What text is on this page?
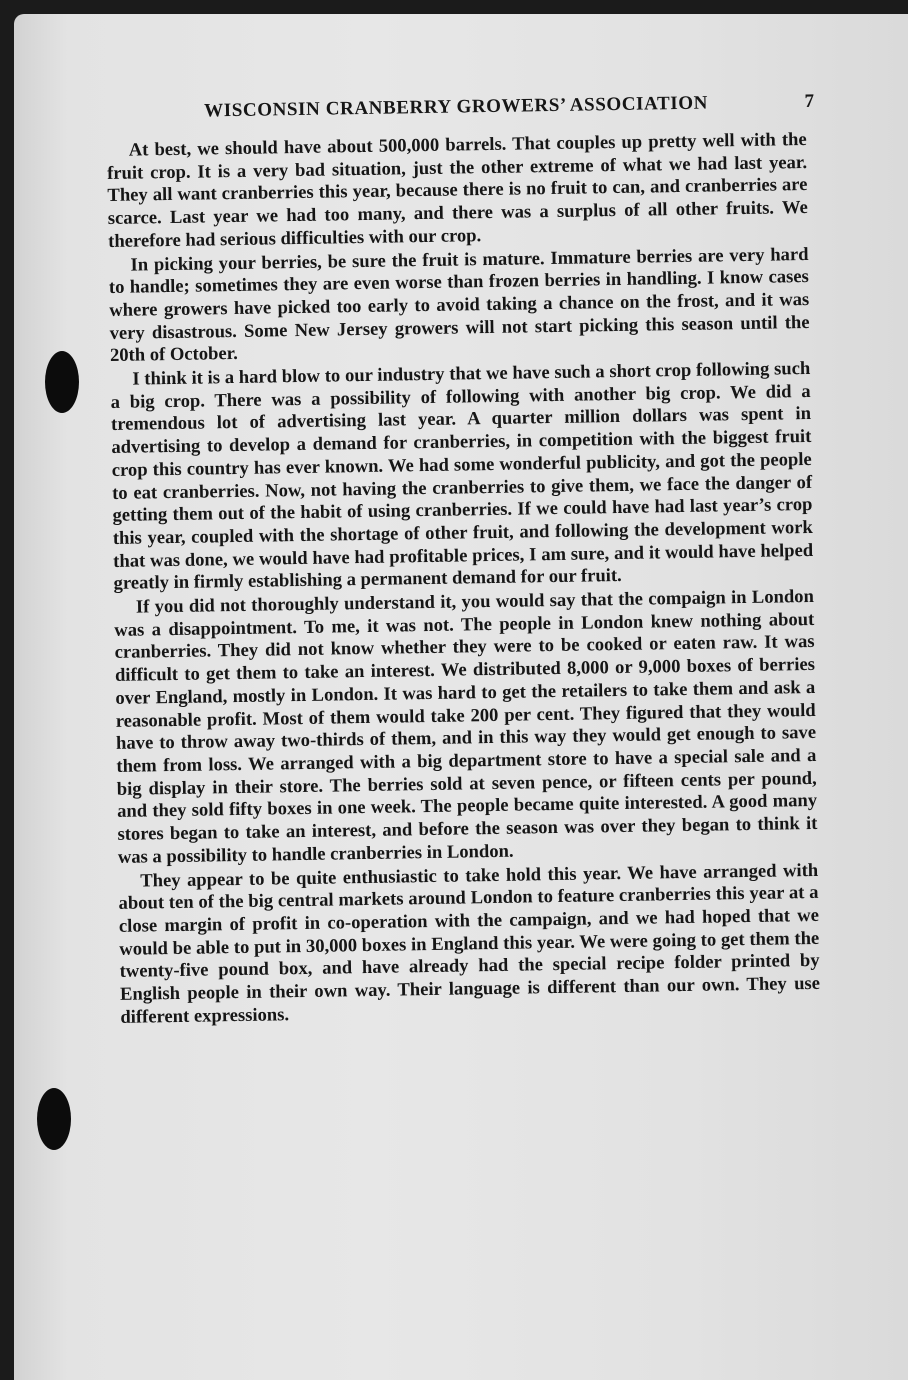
WISCONSIN CRANBERRY GROWERS’ ASSOCIATION	7

At best, we should have about 500,000 barrels. That couples up pretty well with the fruit crop. It is a very bad situation, just the other extreme of what we had last year. They all want cranberries this year, because there is no fruit to can, and cranberries are scarce. Last year we had too many, and there was a surplus of all other fruits. We therefore had serious difficulties with our crop.

In picking your berries, be sure the fruit is mature. Immature berries are very hard to handle; sometimes they are even worse than frozen berries in handling. I know cases where growers have picked too early to avoid taking a chance on the frost, and it was very disastrous. Some New Jersey growers will not start picking this season until the 20th of October.

I think it is a hard blow to our industry that we have such a short crop following such a big crop. There was a possibility of following with another big crop. We did a tremendous lot of advertising last year. A quarter million dollars was spent in advertising to develop a demand for cranberries, in competition with the biggest fruit crop this country has ever known. We had some wonderful publicity, and got the people to eat cranberries. Now, not having the cranberries to give them, we face the danger of getting them out of the habit of using cranberries. If we could have had last year’s crop this year, coupled with the shortage of other fruit, and following the development work that was done, we would have had profitable prices, I am sure, and it would have helped greatly in firmly establishing a permanent demand for our fruit.

If you did not thoroughly understand it, you would say that the compaign in London was a disappointment. To me, it was not. The people in London knew nothing about cranberries. They did not know whether they were to be cooked or eaten raw. It was difficult to get them to take an interest. We distributed 8,000 or 9,000 boxes of berries over England, mostly in London. It was hard to get the retailers to take them and ask a reasonable profit. Most of them would take 200 per cent. They figured that they would have to throw away two-thirds of them, and in this way they would get enough to save them from loss. We arranged with a big department store to have a special sale and a big display in their store. The berries sold at seven pence, or fifteen cents per pound, and they sold fifty boxes in one week. The people became quite interested. A good many stores began to take an interest, and before the season was over they began to think it was a possibility to handle cranberries in London.

They appear to be quite enthusiastic to take hold this year. We have arranged with about ten of the big central markets around London to feature cranberries this year at a close margin of profit in co-operation with the campaign, and we had hoped that we would be able to put in 30,000 boxes in England this year. We were going to get them the twenty-five pound box, and have already had the special recipe folder printed by English people in their own way. Their language is different than our own. They use different expressions.
